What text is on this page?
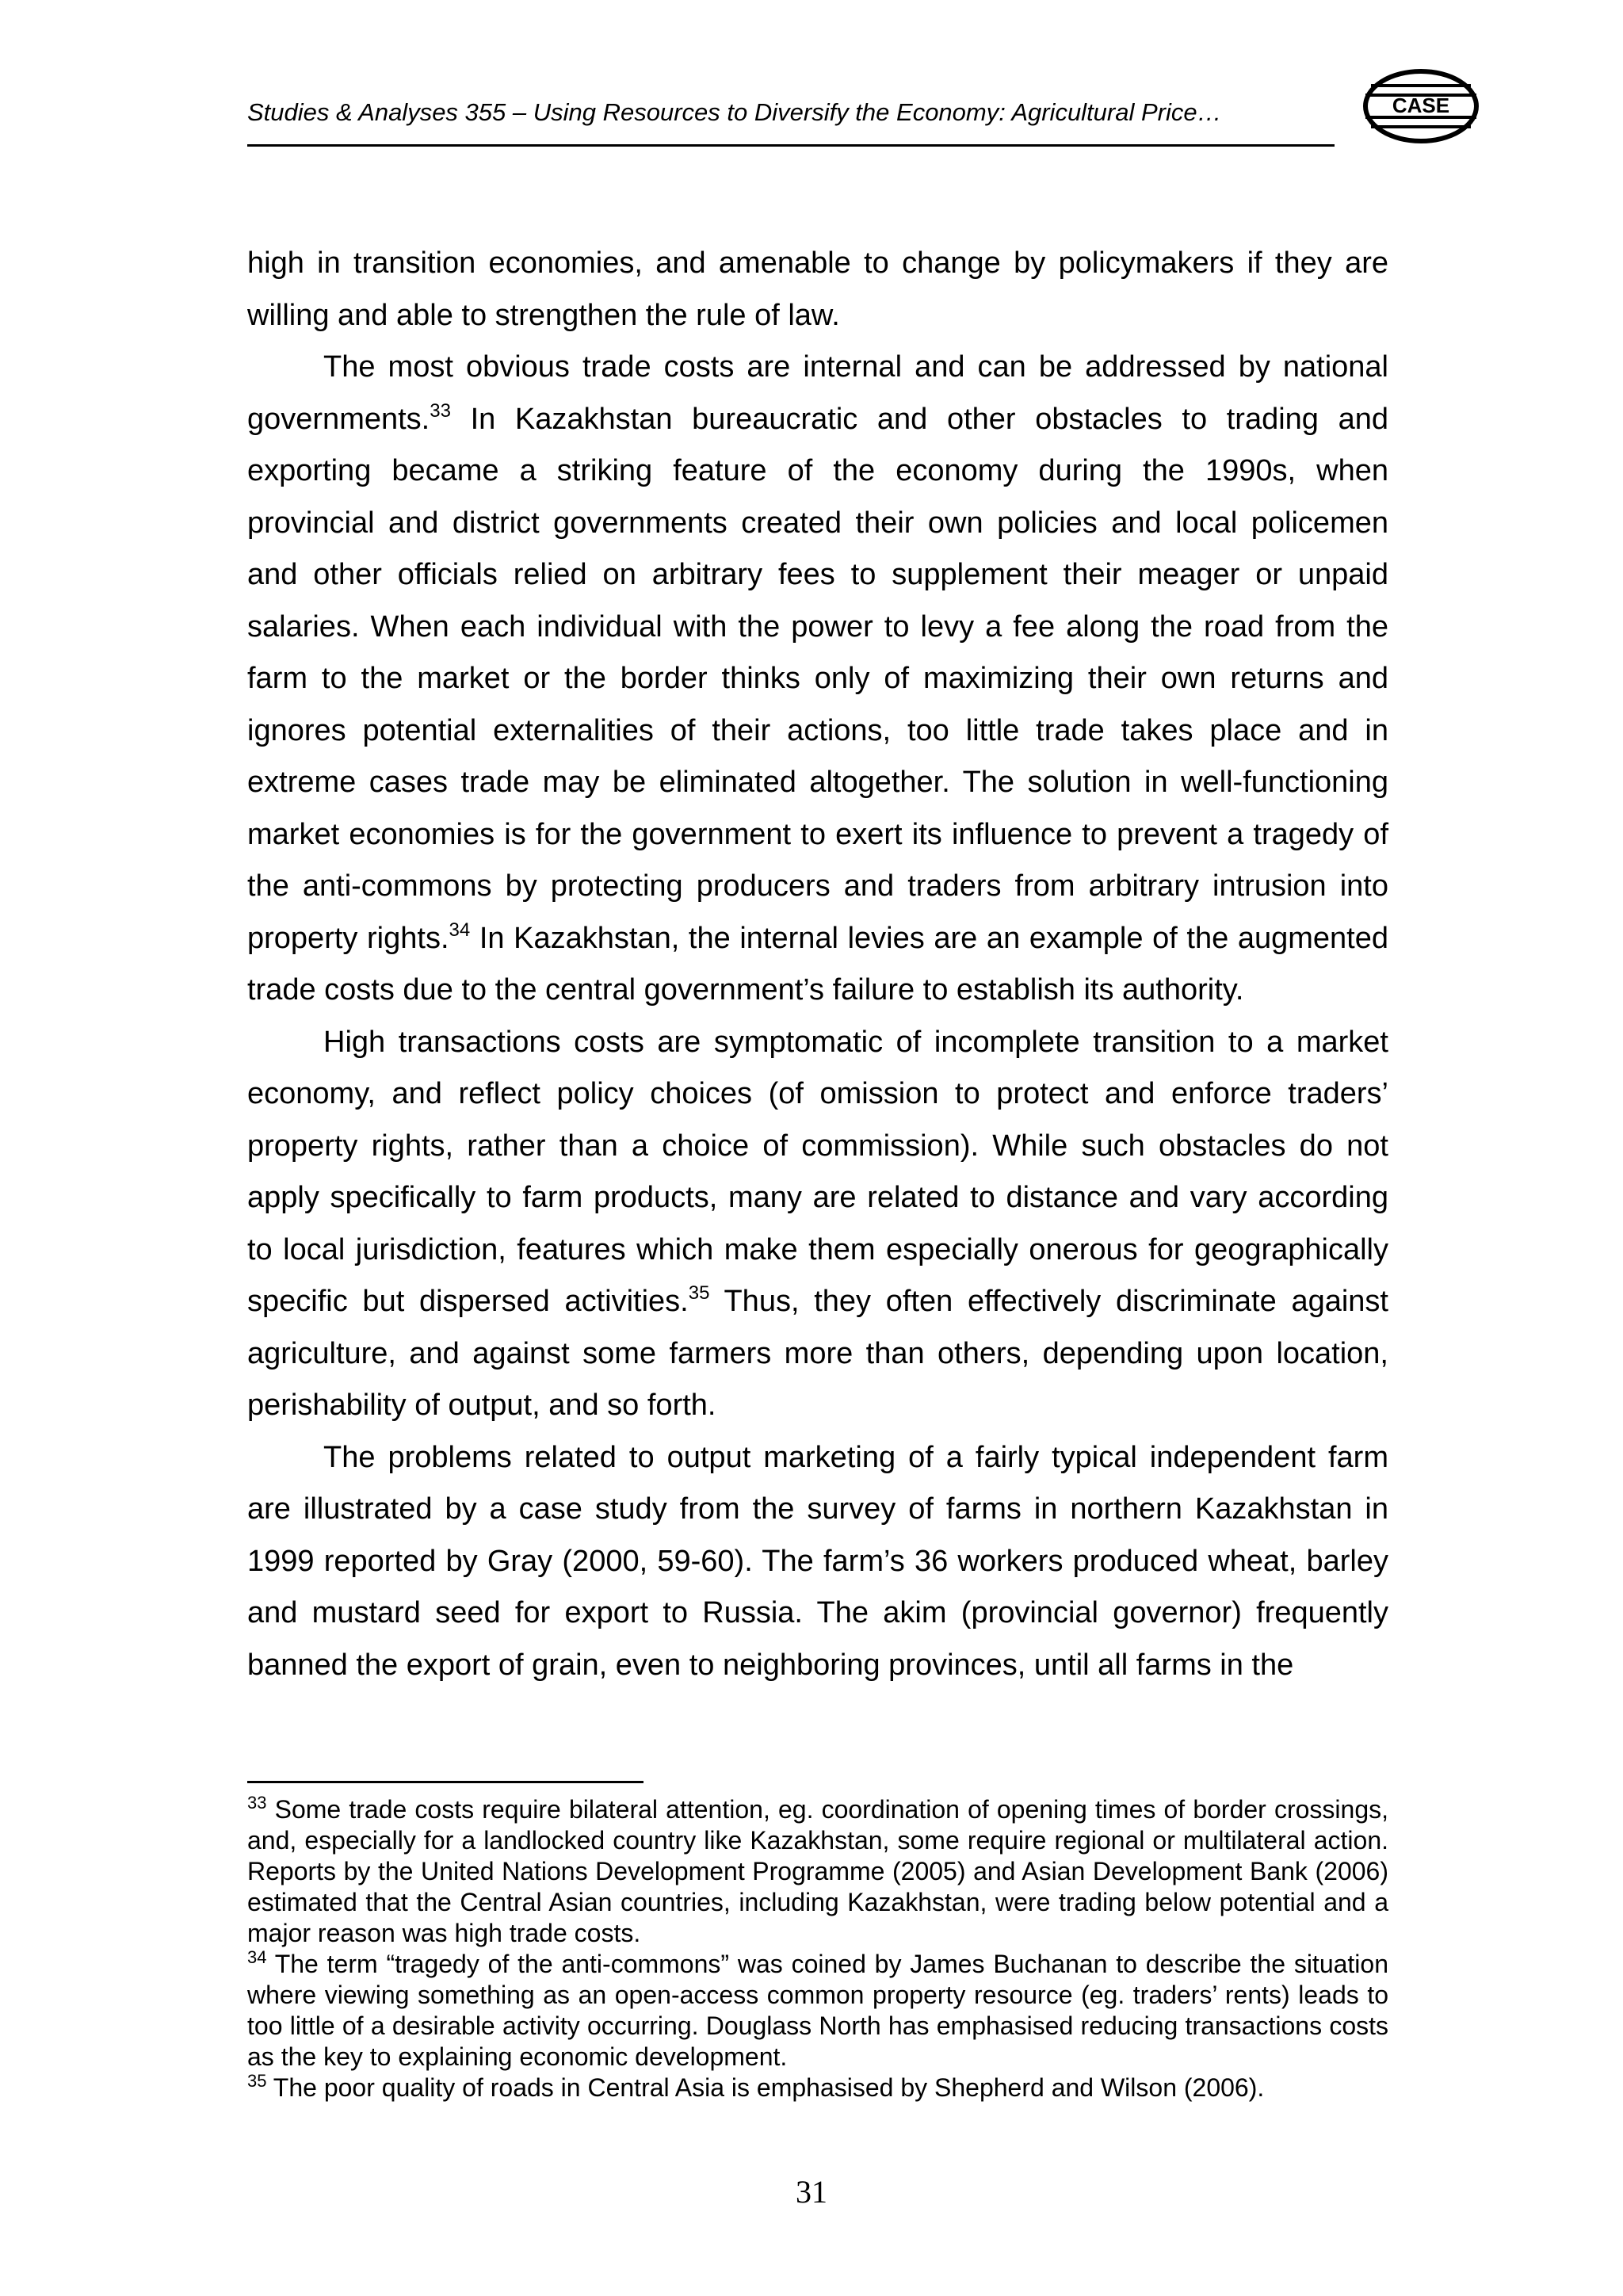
Studies & Analyses 355 – Using Resources to Diversify the Economy: Agricultural Price…	CASE

high in transition economies, and amenable to change by policymakers if they are willing and able to strengthen the rule of law.

The most obvious trade costs are internal and can be addressed by national governments.$^{33}$ In Kazakhstan bureaucratic and other obstacles to trading and exporting became a striking feature of the economy during the 1990s, when provincial and district governments created their own policies and local policemen and other officials relied on arbitrary fees to supplement their meager or unpaid salaries. When each individual with the power to levy a fee along the road from the farm to the market or the border thinks only of maximizing their own returns and ignores potential externalities of their actions, too little trade takes place and in extreme cases trade may be eliminated altogether. The solution in well-functioning market economies is for the government to exert its influence to prevent a tragedy of the anti-commons by protecting producers and traders from arbitrary intrusion into property rights.$^{34}$ In Kazakhstan, the internal levies are an example of the augmented trade costs due to the central government’s failure to establish its authority.

High transactions costs are symptomatic of incomplete transition to a market economy, and reflect policy choices (of omission to protect and enforce traders’ property rights, rather than a choice of commission). While such obstacles do not apply specifically to farm products, many are related to distance and vary according to local jurisdiction, features which make them especially onerous for geographically specific but dispersed activities.$^{35}$ Thus, they often effectively discriminate against agriculture, and against some farmers more than others, depending upon location, perishability of output, and so forth.

The problems related to output marketing of a fairly typical independent farm are illustrated by a case study from the survey of farms in northern Kazakhstan in 1999 reported by Gray (2000, 59-60). The farm’s 36 workers produced wheat, barley and mustard seed for export to Russia. The akim (provincial governor) frequently banned the export of grain, even to neighboring provinces, until all farms in the

$^{33}$ Some trade costs require bilateral attention, eg. coordination of opening times of border crossings, and, especially for a landlocked country like Kazakhstan, some require regional or multilateral action. Reports by the United Nations Development Programme (2005) and Asian Development Bank (2006) estimated that the Central Asian countries, including Kazakhstan, were trading below potential and a major reason was high trade costs.

$^{34}$ The term “tragedy of the anti-commons” was coined by James Buchanan to describe the situation where viewing something as an open-access common property resource (eg. traders’ rents) leads to too little of a desirable activity occurring. Douglass North has emphasised reducing transactions costs as the key to explaining economic development.

$^{35}$ The poor quality of roads in Central Asia is emphasised by Shepherd and Wilson (2006).

31
